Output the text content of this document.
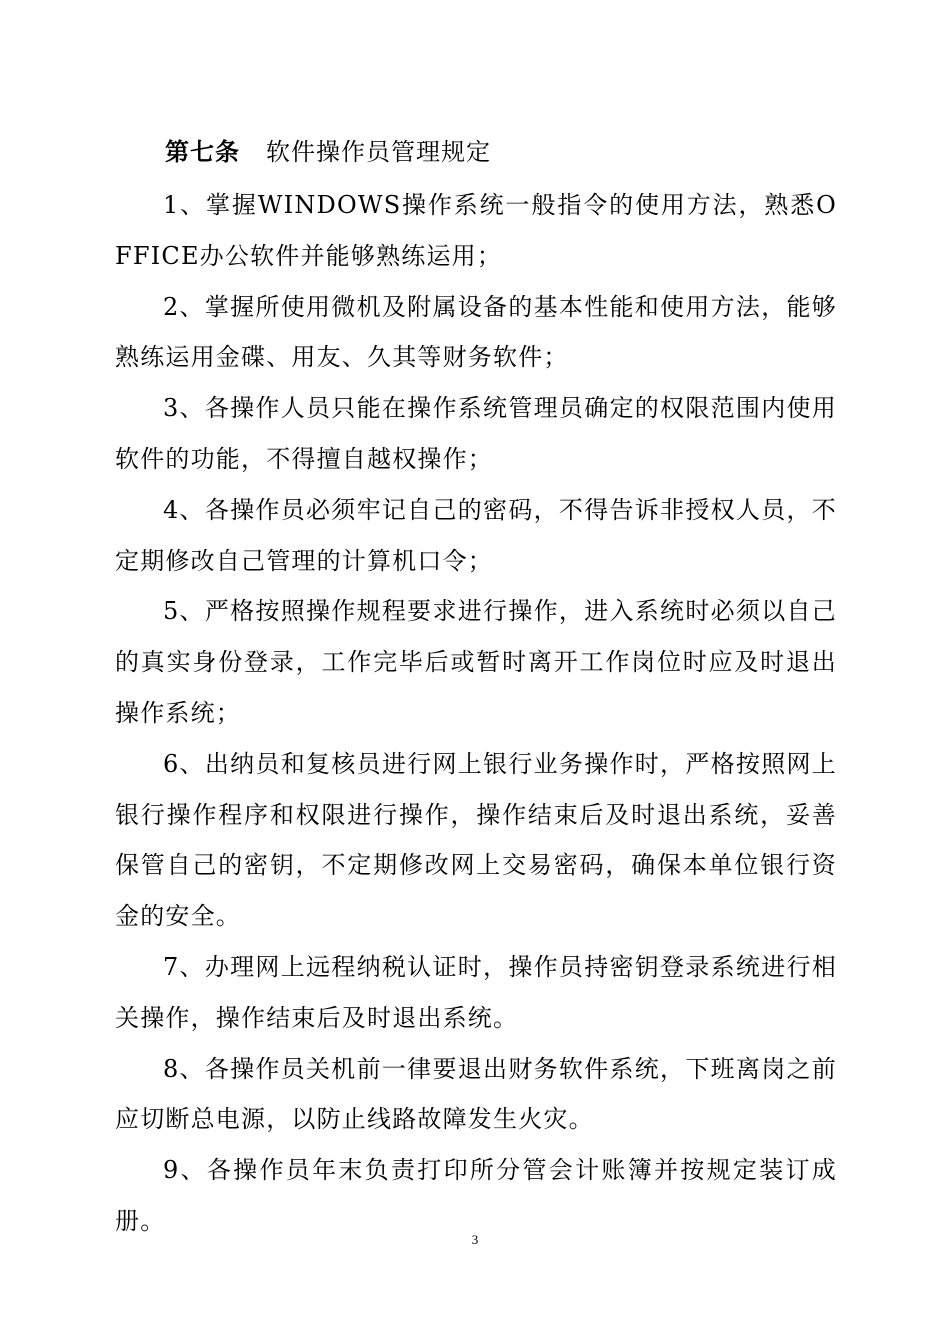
第七条 软件操作员管理规定

1、掌握WINDOWS操作系统一般指令的使用方法，熟悉OFFICE办公软件并能够熟练运用；

2、掌握所使用微机及附属设备的基本性能和使用方法，能够熟练运用金碟、用友、久其等财务软件；

3、各操作人员只能在操作系统管理员确定的权限范围内使用软件的功能，不得擅自越权操作；

4、各操作员必须牢记自己的密码，不得告诉非授权人员，不定期修改自己管理的计算机口令；

5、严格按照操作规程要求进行操作，进入系统时必须以自己的真实身份登录，工作完毕后或暂时离开工作岗位时应及时退出操作系统；

6、出纳员和复核员进行网上银行业务操作时，严格按照网上银行操作程序和权限进行操作，操作结束后及时退出系统，妥善保管自己的密钥，不定期修改网上交易密码，确保本单位银行资金的安全。

7、办理网上远程纳税认证时，操作员持密钥登录系统进行相关操作，操作结束后及时退出系统。

8、各操作员关机前一律要退出财务软件系统，下班离岗之前应切断总电源，以防止线路故障发生火灾。

9、各操作员年末负责打印所分管会计账簿并按规定装订成册。

3
